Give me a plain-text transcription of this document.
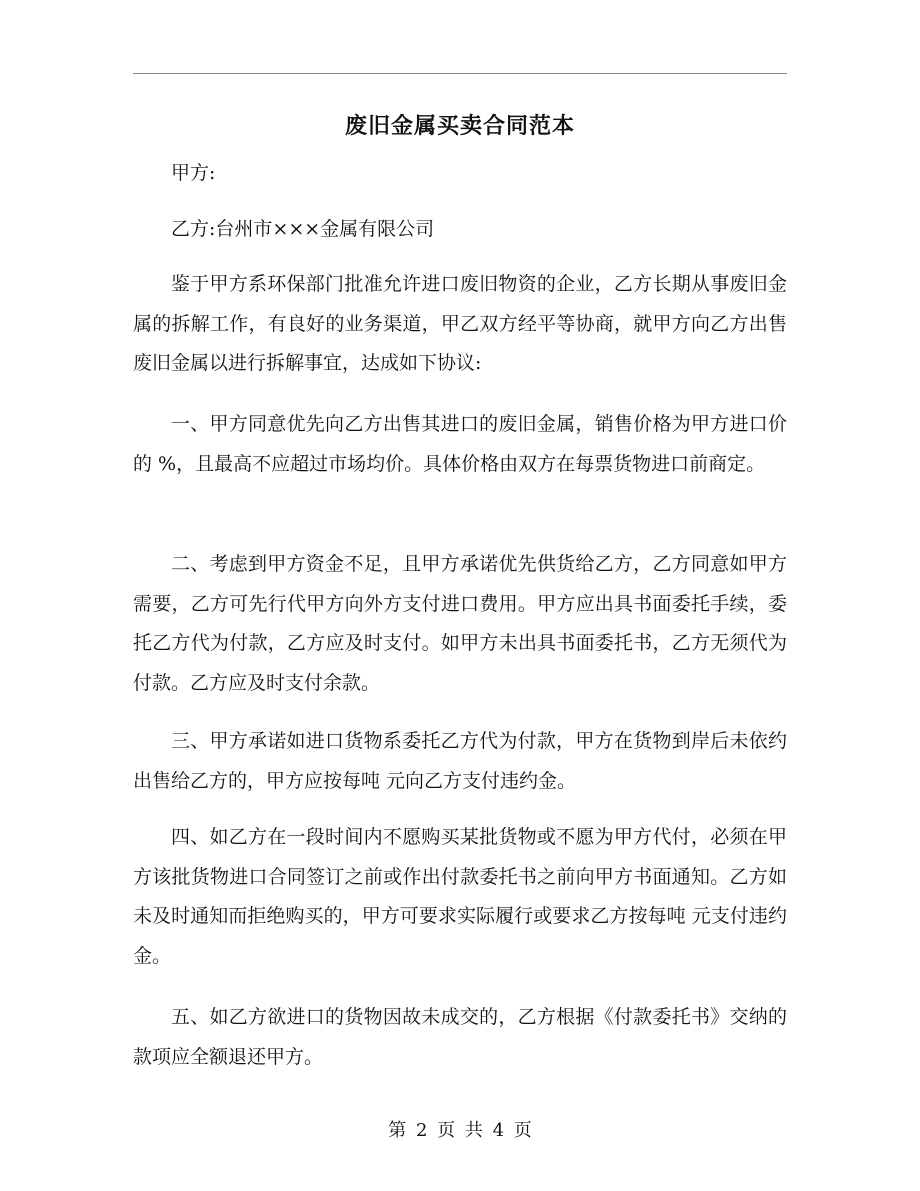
废旧金属买卖合同范本

甲方:

乙方:台州市×××金属有限公司

鉴于甲方系环保部门批准允许进口废旧物资的企业，乙方长期从事废旧金属的拆解工作，有良好的业务渠道，甲乙双方经平等协商，就甲方向乙方出售废旧金属以进行拆解事宜，达成如下协议:

一、甲方同意优先向乙方出售其进口的废旧金属，销售价格为甲方进口价的 %，且最高不应超过市场均价。具体价格由双方在每票货物进口前商定。

二、考虑到甲方资金不足，且甲方承诺优先供货给乙方，乙方同意如甲方需要，乙方可先行代甲方向外方支付进口费用。甲方应出具书面委托手续，委托乙方代为付款，乙方应及时支付。如甲方未出具书面委托书，乙方无须代为付款。乙方应及时支付余款。

三、甲方承诺如进口货物系委托乙方代为付款，甲方在货物到岸后未依约出售给乙方的，甲方应按每吨 元向乙方支付违约金。

四、如乙方在一段时间内不愿购买某批货物或不愿为甲方代付，必须在甲方该批货物进口合同签订之前或作出付款委托书之前向甲方书面通知。乙方如未及时通知而拒绝购买的，甲方可要求实际履行或要求乙方按每吨 元支付违约金。

五、如乙方欲进口的货物因故未成交的，乙方根据《付款委托书》交纳的款项应全额退还甲方。

第 2 页 共 4 页
